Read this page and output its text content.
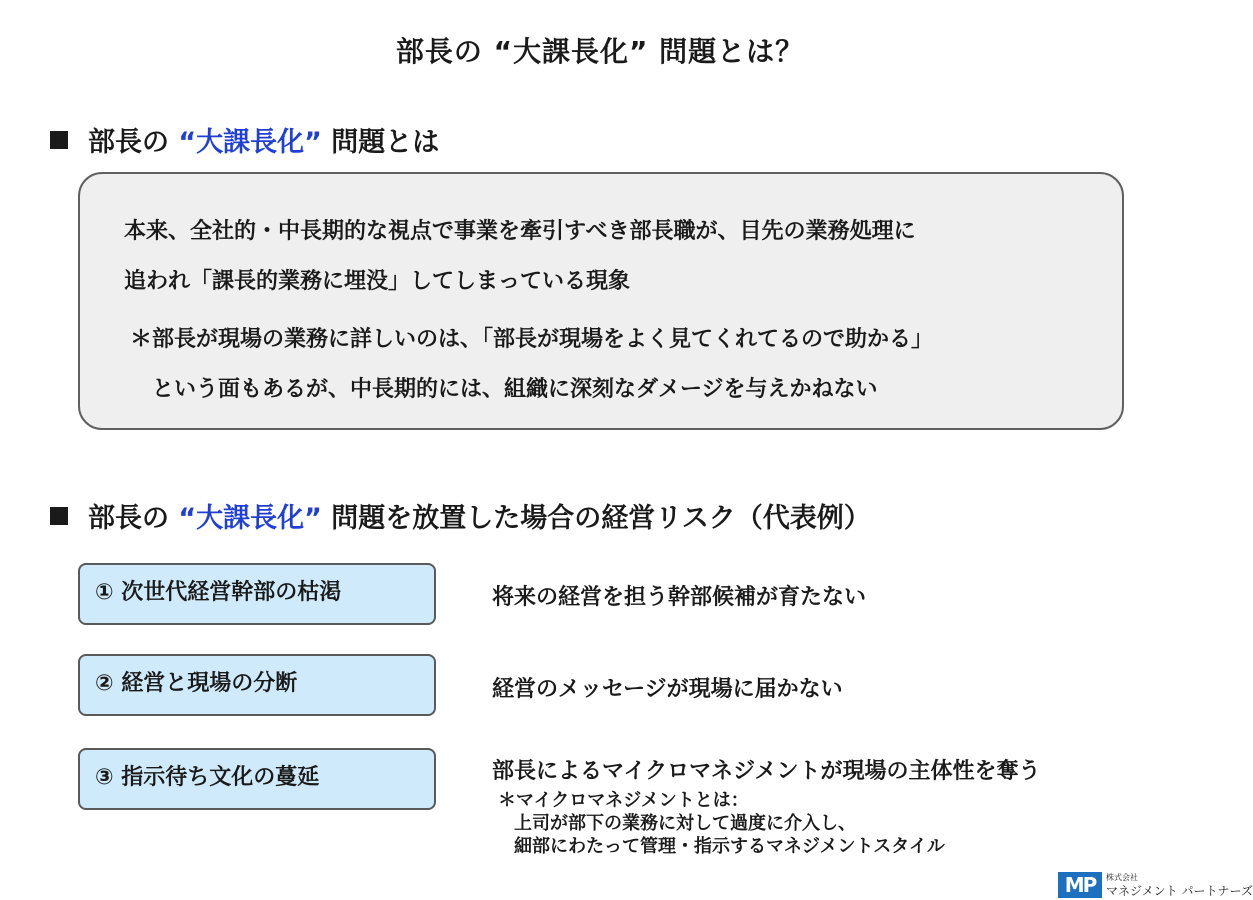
部長の “大課長化” 問題とは？
部長の “大課長化” 問題とは
本来、全社的・中長期的な視点で事業を牽引すべき部長職が、目先の業務処理に
追われ「課長的業務に埋没」してしまっている現象
＊部長が現場の業務に詳しいのは、「部長が現場をよく見てくれてるので助かる」
という面もあるが、中長期的には、組織に深刻なダメージを与えかねない
部長の “大課長化” 問題を放置した場合の経営リスク（代表例）
① 次世代経営幹部の枯渇	将来の経営を担う幹部候補が育たない
② 経営と現場の分断	経営のメッセージが現場に届かない
③ 指示待ち文化の蔓延	部長によるマイクロマネジメントが現場の主体性を奪う
＊マイクロマネジメントとは：
上司が部下の業務に対して過度に介入し、
細部にわたって管理・指示するマネジメントスタイル
MP	株式会社
マネジメント パートナーズ
